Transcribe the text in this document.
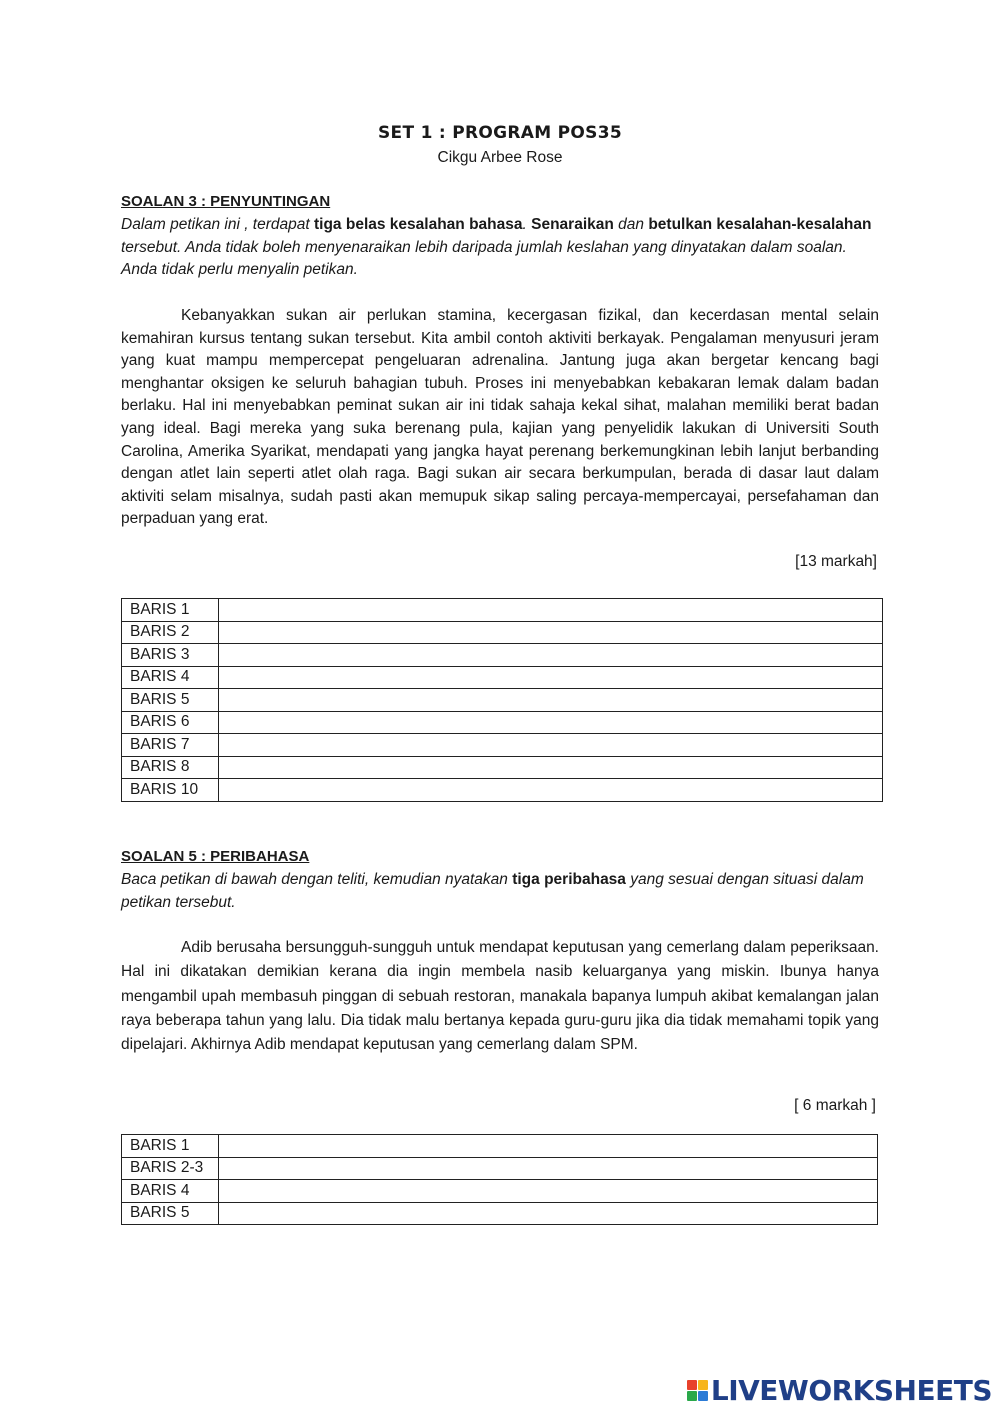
SET 1 : PROGRAM POS35
Cikgu Arbee Rose
SOALAN 3 : PENYUNTINGAN
Dalam petikan ini , terdapat tiga belas kesalahan bahasa. Senaraikan dan betulkan kesalahan-kesalahan tersebut. Anda tidak boleh menyenaraikan lebih daripada jumlah keslahan yang dinyatakan dalam soalan. Anda tidak perlu menyalin petikan.
Kebanyakkan sukan air perlukan stamina, kecergasan fizikal, dan kecerdasan mental selain kemahiran kursus tentang sukan tersebut. Kita ambil contoh aktiviti berkayak. Pengalaman menyusuri jeram yang kuat mampu mempercepat pengeluaran adrenalina. Jantung juga akan bergetar kencang bagi menghantar oksigen ke seluruh bahagian tubuh. Proses ini menyebabkan kebakaran lemak dalam badan berlaku. Hal ini menyebabkan peminat sukan air ini tidak sahaja kekal sihat, malahan memiliki berat badan yang ideal. Bagi mereka yang suka berenang pula, kajian yang penyelidik lakukan di Universiti South Carolina, Amerika Syarikat, mendapati yang jangka hayat perenang berkemungkinan lebih lanjut berbanding dengan atlet lain seperti atlet olah raga. Bagi sukan air secara berkumpulan, berada di dasar laut dalam aktiviti selam misalnya, sudah pasti akan memupuk sikap saling percaya-mempercayai, persefahaman dan perpaduan yang erat.
[13 markah]
BARIS 1	
BARIS 2	
BARIS 3	
BARIS 4	
BARIS 5	
BARIS 6	
BARIS 7	
BARIS 8	
BARIS 10	
SOALAN 5 : PERIBAHASA
Baca petikan di bawah dengan teliti, kemudian nyatakan tiga peribahasa yang sesuai dengan situasi dalam petikan tersebut.
Adib berusaha bersungguh-sungguh untuk mendapat keputusan yang cemerlang dalam peperiksaan. Hal ini dikatakan demikian kerana dia ingin membela nasib keluarganya yang miskin. Ibunya hanya mengambil upah membasuh pinggan di sebuah restoran, manakala bapanya lumpuh akibat kemalangan jalan raya beberapa tahun yang lalu. Dia tidak malu bertanya kepada guru-guru jika dia tidak memahami topik yang dipelajari. Akhirnya Adib mendapat keputusan yang cemerlang dalam SPM.
[ 6 markah ]
BARIS 1	
BARIS 2-3	
BARIS 4	
BARIS 5	
LIVEWORKSHEETS
